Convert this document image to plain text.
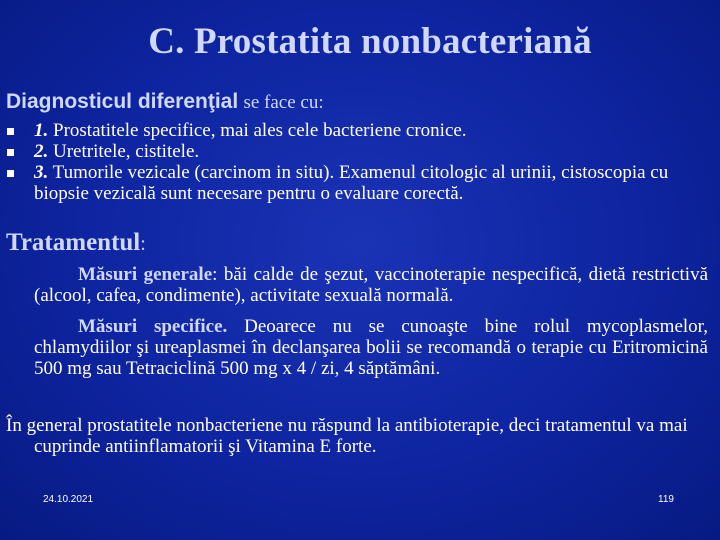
C. Prostatita nonbacteriană
Diagnosticul diferenţial se face cu:
1. Prostatitele specifice, mai ales cele bacteriene cronice.
2. Uretritele, cistitele.
3. Tumorile vezicale (carcinom in situ). Examenul citologic al urinii, cistoscopia cu biopsie vezicală sunt necesare pentru o evaluare corectă.
Tratamentul:
Măsuri generale: băi calde de şezut, vaccinoterapie nespecifică, dietă restrictivă (alcool, cafea, condimente), activitate sexuală normală.
Măsuri specifice. Deoarece nu se cunoaşte bine rolul mycoplasmelor, chlamydiilor şi ureaplasmei în declanşarea bolii se recomandă o terapie cu Eritromicină 500 mg sau Tetraciclină 500 mg x 4 / zi, 4 săptămâni.
În general prostatitele nonbacteriene nu răspund la antibioterapie, deci tratamentul va mai cuprinde antiinflamatorii şi Vitamina E forte.
24.10.2021	119
